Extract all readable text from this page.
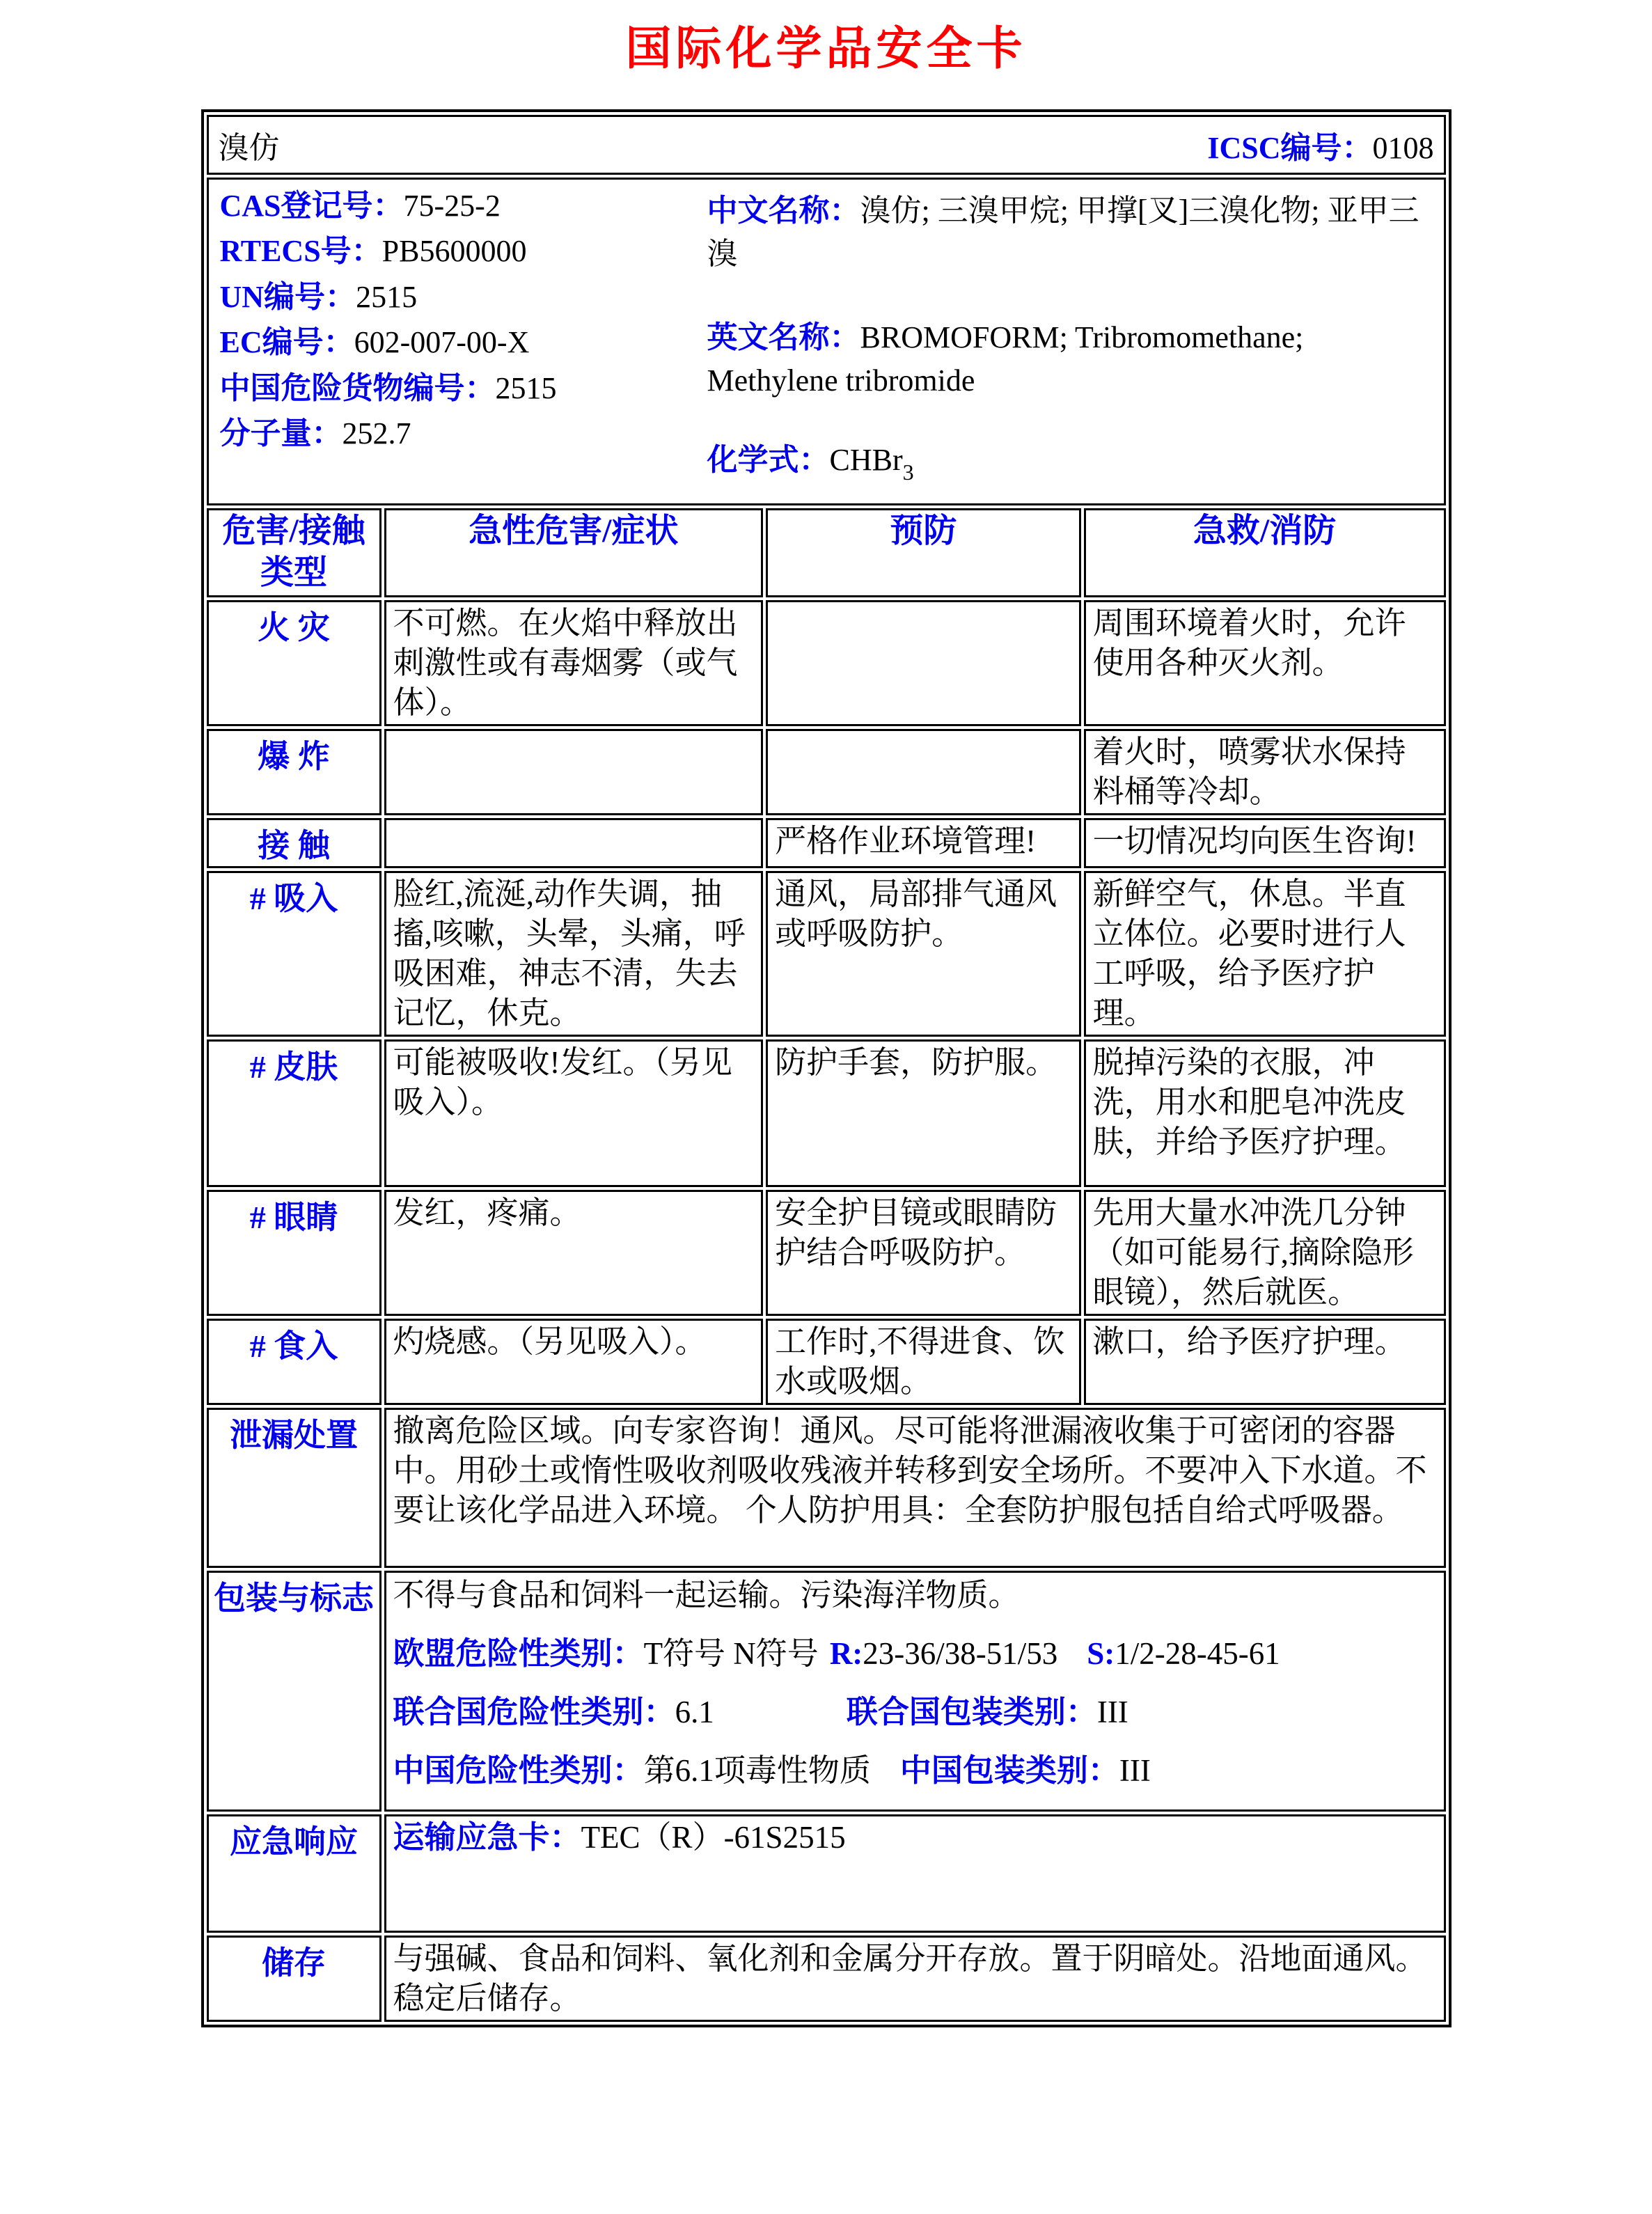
国际化学品安全卡
溴仿 ICSC编号：0108			

CAS登记号：75-25-2
RTECS号：PB5600000
UN编号：2515
EC编号：602-007-00-X
中国危险货物编号：2515
分子量：252.7

中文名称：溴仿; 三溴甲烷; 甲撑[叉]三溴化物; 亚甲三溴

英文名称：BROMOFORM; Tribromomethane; Methylene tribromide

化学式：CHBr$_3$

危害/接触类型	急性危害/症状	预防	急救/消防
火 灾	不可燃。在火焰中释放出刺激性或有毒烟雾（或气体）。		周围环境着火时，允许使用各种灭火剂。
爆 炸			着火时，喷雾状水保持料桶等冷却。
接 触		严格作业环境管理!	一切情况均向医生咨询!
# 吸入	脸红,流涎,动作失调，抽搐,咳嗽，头晕，头痛，呼吸困难，神志不清，失去记忆，休克。	通风，局部排气通风或呼吸防护。	新鲜空气，休息。半直立体位。必要时进行人工呼吸，给予医疗护理。
# 皮肤	可能被吸收!发红。（另见吸入）。	防护手套，防护服。	脱掉污染的衣服，冲洗，用水和肥皂冲洗皮肤，并给予医疗护理。
# 眼睛	发红，疼痛。	安全护目镜或眼睛防护结合呼吸防护。	先用大量水冲洗几分钟（如可能易行,摘除隐形眼镜），然后就医。
# 食入	灼烧感。（另见吸入）。	工作时,不得进食、饮水或吸烟。	漱口，给予医疗护理。
泄漏处置	撤离危险区域。向专家咨询！通风。尽可能将泄漏液收集于可密闭的容器中。用砂土或惰性吸收剂吸收残液并转移到安全场所。不要冲入下水道。不要让该化学品进入环境。 个人防护用具：全套防护服包括自给式呼吸器。		
包装与标志	不得与食品和饲料一起运输。污染海洋物质。
欧盟危险性类别：T符号 N符号 R:23-36/38-51/53 S:1/2-28-45-61
联合国危险性类别：6.1 联合国包装类别：III
中国危险性类别：第6.1项毒性物质 中国包装类别：III		

应急响应	运输应急卡：TEC（R）-61S2515		
储存	与强碱、食品和饲料、氧化剂和金属分开存放。置于阴暗处。沿地面通风。稳定后储存。		
